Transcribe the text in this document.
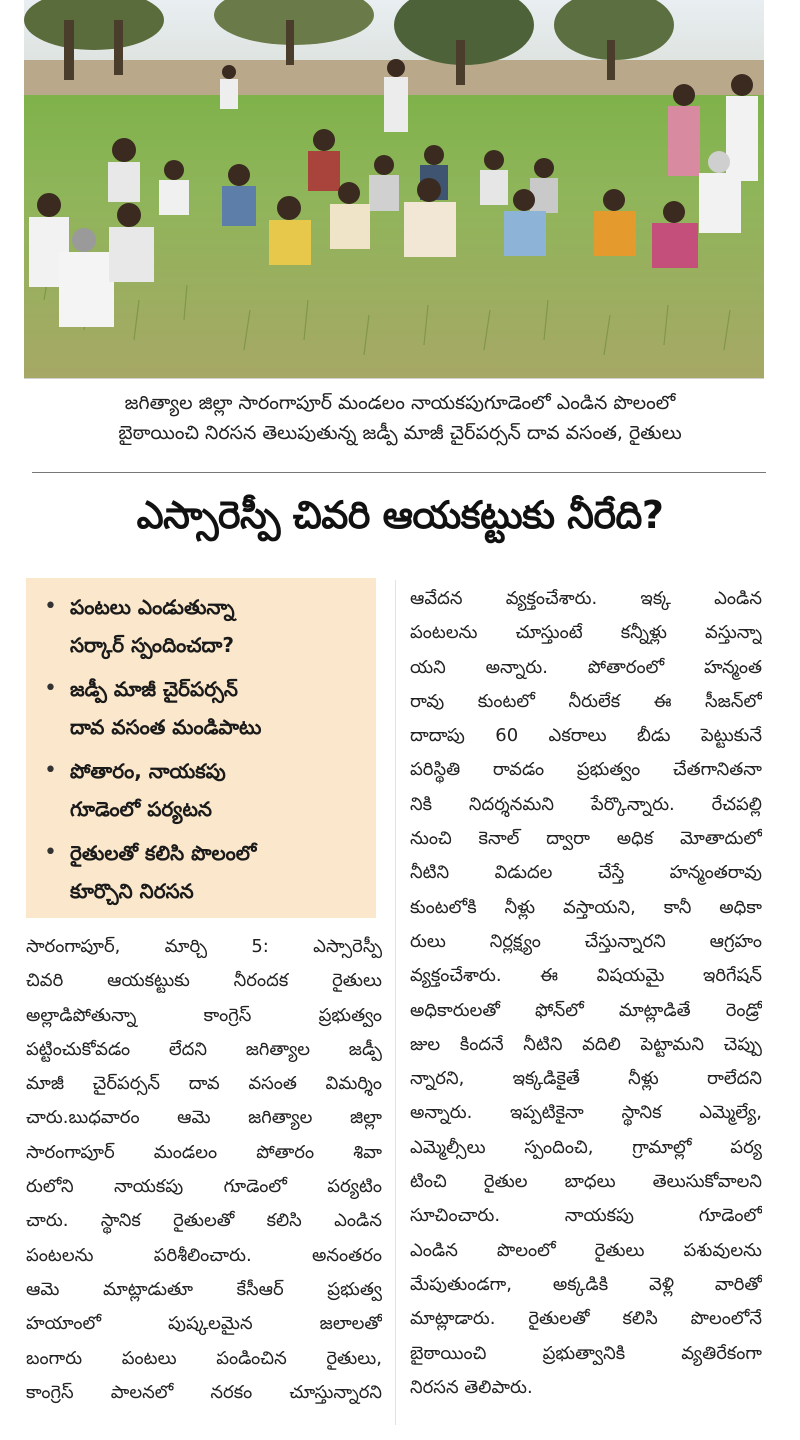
జగిత్యాల జిల్లా సారంగాపూర్ మండలం నాయకపుగూడెంలో ఎండిన పొలంలో
బైఠాయించి నిరసన తెలుపుతున్న జడ్పీ మాజీ చైర్‌పర్సన్ దావ వసంత, రైతులు
ఎస్సారెస్పీ చివరి ఆయకట్టుకు నీరేది?
• పంటలు ఎండుతున్నా
సర్కార్ స్పందించదా?
• జడ్పీ మాజీ చైర్‌పర్సన్
దావ వసంత మండిపాటు
• పోతారం, నాయకపు
గూడెంలో పర్యటన
• రైతులతో కలిసి పొలంలో
కూర్చొని నిరసన
సారంగాపూర్, మార్చి 5: ఎస్సారెస్పీ
చివరి ఆయకట్టుకు నీరందక రైతులు
అల్లాడిపోతున్నా కాంగ్రెస్ ప్రభుత్వం
పట్టించుకోవడం లేదని జగిత్యాల జడ్పీ
మాజీ చైర్‌పర్సన్ దావ వసంత విమర్శిం
చారు.బుధవారం ఆమె జగిత్యాల జిల్లా
సారంగాపూర్ మండలం పోతారం శివా
రులోని నాయకపు గూడెంలో పర్యటిం
చారు. స్థానిక రైతులతో కలిసి ఎండిన
పంటలను పరిశీలించారు. అనంతరం
ఆమె మాట్లాడుతూ కేసీఆర్ ప్రభుత్వ
హయాంలో పుష్కలమైన జలాలతో
బంగారు పంటలు పండించిన రైతులు,
కాంగ్రెస్ పాలనలో నరకం చూస్తున్నారని
ఆవేదన వ్యక్తంచేశారు. ఇక్క ఎండిన
పంటలను చూస్తుంటే కన్నీళ్లు వస్తున్నా
యని అన్నారు. పోతారంలో హన్మంత
రావు కుంటలో నీరులేక ఈ సీజన్‌లో
దాదాపు 60 ఎకరాలు బీడు పెట్టుకునే
పరిస్థితి రావడం ప్రభుత్వం చేతగానితనా
నికి నిదర్శనమని పేర్కొన్నారు. రేచపల్లి
నుంచి కెనాల్ ద్వారా అధిక మోతాదులో
నీటిని విడుదల చేస్తే హన్మంతరావు
కుంటలోకి నీళ్లు వస్తాయని, కానీ అధికా
రులు నిర్లక్ష్యం చేస్తున్నారని ఆగ్రహం
వ్యక్తంచేశారు. ఈ విషయమై ఇరిగేషన్
అధికారులతో ఫోన్‌లో మాట్లాడితే రెండ్రో
జుల కిందనే నీటిని వదిలి పెట్టామని చెప్పు
న్నారని, ఇక్కడికైతే నీళ్లు రాలేదని
అన్నారు. ఇప్పటికైనా స్థానిక ఎమ్మెల్యే,
ఎమ్మెల్సీలు స్పందించి, గ్రామాల్లో పర్య
టించి రైతుల బాధలు తెలుసుకోవాలని
సూచించారు. నాయకపు గూడెంలో
ఎండిన పొలంలో రైతులు పశువులను
మేపుతుండగా, అక్కడికి వెళ్లి వారితో
మాట్లాడారు. రైతులతో కలిసి పొలంలోనే
బైఠాయించి ప్రభుత్వానికి వ్యతిరేకంగా
నిరసన తెలిపారు.
